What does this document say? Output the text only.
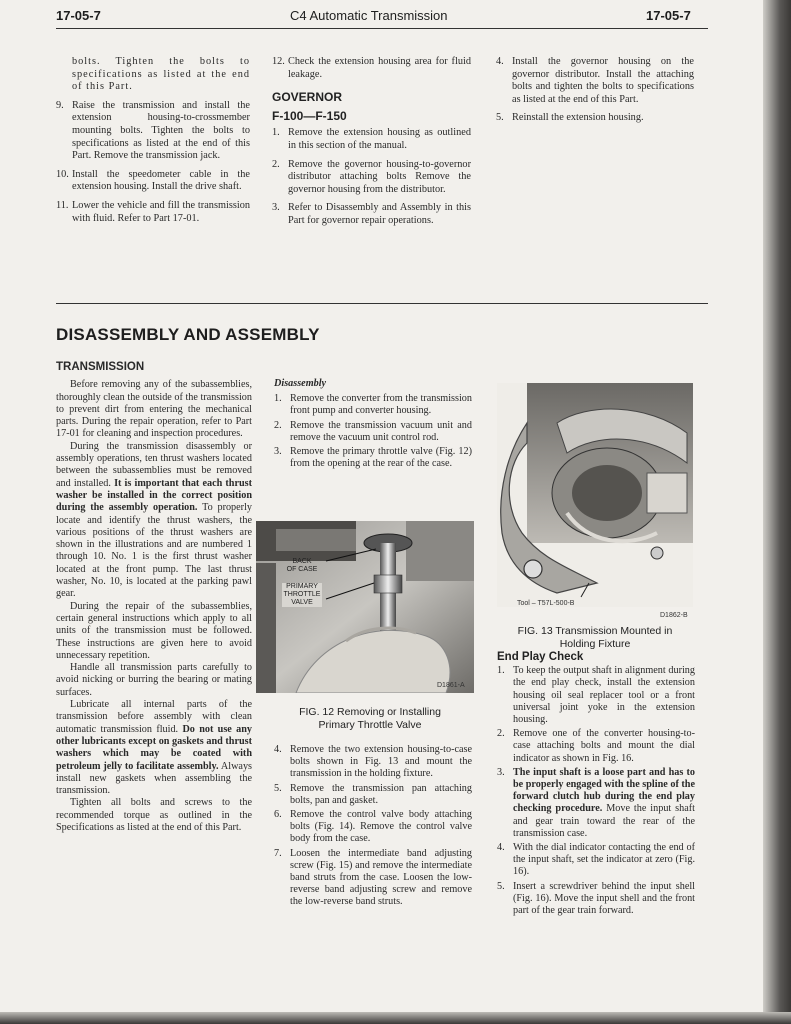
17-05-7	C4 Automatic Transmission	17-05-7

bolts. Tighten the bolts to specifications as listed at the end of this Part.

9. Raise the transmission and install the extension housing-to-crossmember mounting bolts. Tighten the bolts to specifications as listed at the end of this Part. Remove the transmission jack.
10. Install the speedometer cable in the extension housing. Install the drive shaft.
11. Lower the vehicle and fill the transmission with fluid. Refer to Part 17-01.
12. Check the extension housing area for fluid leakage.
GOVERNOR
F-100—F-150
1. Remove the extension housing as outlined in this section of the manual.
2. Remove the governor housing-to-governor distributor attaching bolts Remove the governor housing from the distributor.
3. Refer to Disassembly and Assembly in this Part for governor repair operations.
4. Install the governor housing on the governor distributor. Install the attaching bolts and tighten the bolts to specifications as listed at the end of this Part.
5. Reinstall the extension housing.
DISASSEMBLY AND ASSEMBLY
TRANSMISSION

Before removing any of the subassemblies, thoroughly clean the outside of the transmission to prevent dirt from entering the mechanical parts. During the repair operation, refer to Part 17-01 for cleaning and inspection procedures.

During the transmission disassembly or assembly operations, ten thrust washers located between the subassemblies must be removed and installed. It is important that each thrust washer be installed in the correct position during the assembly operation. To properly locate and identify the thrust washers, the various positions of the thrust washers are shown in the illustrations and are numbered 1 through 10. No. 1 is the first thrust washer located at the front pump. The last thrust washer, No. 10, is located at the parking pawl gear.

During the repair of the subassemblies, certain general instructions which apply to all units of the transmission must be followed. These instructions are given here to avoid unnecessary repetition.

Handle all transmission parts carefully to avoid nicking or burring the bearing or mating surfaces.

Lubricate all internal parts of the transmission before assembly with clean automatic transmission fluid. Do not use any other lubricants except on gaskets and thrust washers which may be coated with petroleum jelly to facilitate assembly. Always install new gaskets when assembling the transmission.

Tighten all bolts and screws to the recommended torque as outlined in the Specifications as listed at the end of this Part.

Disassembly
1. Remove the converter from the transmission front pump and converter housing.
2. Remove the transmission vacuum unit and remove the vacuum unit control rod.
3. Remove the primary throttle valve (Fig. 12) from the opening at the rear of the case.
BACK
OF CASE
PRIMARY
THROTTLE
VALVE
D1861-A
FIG. 12 Removing or Installing
Primary Throttle Valve
4. Remove the two extension housing-to-case bolts shown in Fig. 13 and mount the transmission in the holding fixture.
5. Remove the transmission pan attaching bolts, pan and gasket.
6. Remove the control valve body attaching bolts (Fig. 14). Remove the control valve body from the case.
7. Loosen the intermediate band adjusting screw (Fig. 15) and remove the intermediate band struts from the case. Loosen the low-reverse band adjusting screw and remove the low-reverse band struts.
Tool – T57L-500-B
D1862-B
FIG. 13 Transmission Mounted in
Holding Fixture
End Play Check
1. To keep the output shaft in alignment during the end play check, install the extension housing oil seal replacer tool or a front universal joint yoke in the extension housing.
2. Remove one of the converter housing-to-case attaching bolts and mount the dial indicator as shown in Fig. 16.
3. The input shaft is a loose part and has to be properly engaged with the spline of the forward clutch hub during the end play checking procedure. Move the input shaft and gear train toward the rear of the transmission case.
4. With the dial indicator contacting the end of the input shaft, set the indicator at zero (Fig. 16).
5. Insert a screwdriver behind the input shell (Fig. 16). Move the input shell and the front part of the gear train forward.
